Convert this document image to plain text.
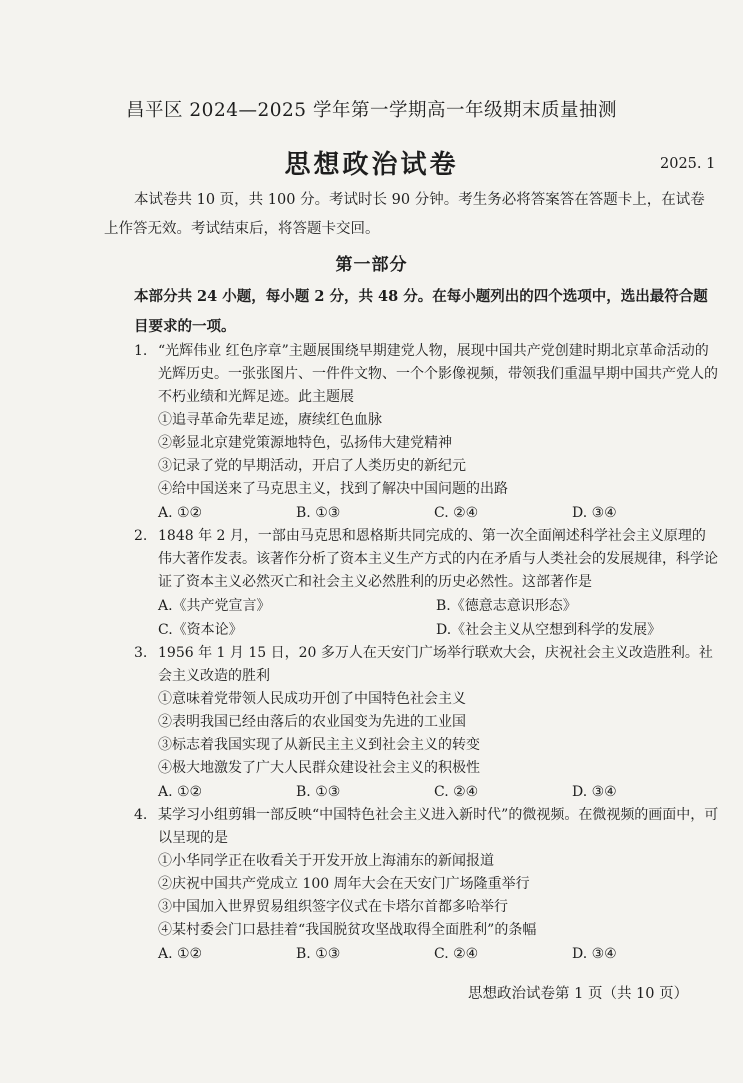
昌平区 2024—2025 学年第一学期高一年级期末质量抽测
思想政治试卷	2025. 1

本试卷共 10 页，共 100 分。考试时长 90 分钟。考生务必将答案答在答题卡上，在试卷上作答无效。考试结束后，将答题卡交回。

第一部分
本部分共 24 小题，每小题 2 分，共 48 分。在每小题列出的四个选项中，选出最符合题目要求的一项。
1. “光辉伟业 红色序章”主题展围绕早期建党人物，展现中国共产党创建时期北京革命活动的光辉历史。一张张图片、一件件文物、一个个影像视频，带领我们重温早期中国共产党人的不朽业绩和光辉足迹。此主题展
①追寻革命先辈足迹，赓续红色血脉
②彰显北京建党策源地特色，弘扬伟大建党精神
③记录了党的早期活动，开启了人类历史的新纪元
④给中国送来了马克思主义，找到了解决中国问题的出路
A. ①②	B. ①③	C. ②④	D. ③④
2. 1848 年 2 月，一部由马克思和恩格斯共同完成的、第一次全面阐述科学社会主义原理的伟大著作发表。该著作分析了资本主义生产方式的内在矛盾与人类社会的发展规律，科学论证了资本主义必然灭亡和社会主义必然胜利的历史必然性。这部著作是
A.《共产党宣言》	B.《德意志意识形态》
C.《资本论》	D.《社会主义从空想到科学的发展》
3. 1956 年 1 月 15 日，20 多万人在天安门广场举行联欢大会，庆祝社会主义改造胜利。社会主义改造的胜利
①意味着党带领人民成功开创了中国特色社会主义
②表明我国已经由落后的农业国变为先进的工业国
③标志着我国实现了从新民主主义到社会主义的转变
④极大地激发了广大人民群众建设社会主义的积极性
A. ①②	B. ①③	C. ②④	D. ③④
4. 某学习小组剪辑一部反映“中国特色社会主义进入新时代”的微视频。在微视频的画面中，可以呈现的是
①小华同学正在收看关于开发开放上海浦东的新闻报道
②庆祝中国共产党成立 100 周年大会在天安门广场隆重举行
③中国加入世界贸易组织签字仪式在卡塔尔首都多哈举行
④某村委会门口悬挂着“我国脱贫攻坚战取得全面胜利”的条幅
A. ①②	B. ①③	C. ②④	D. ③④
思想政治试卷第 1 页（共 10 页）
